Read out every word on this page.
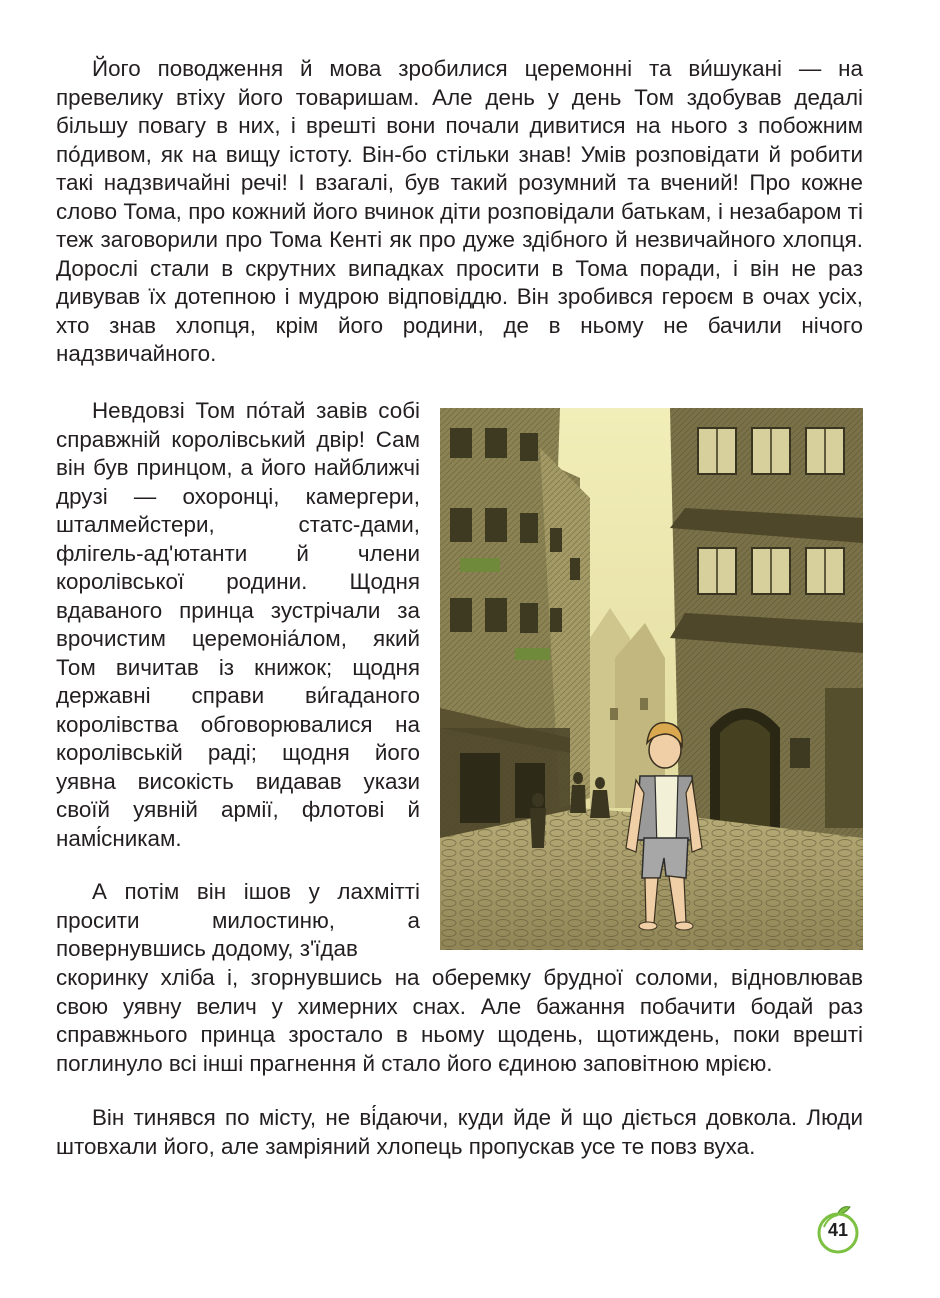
Його поводження й мова зробилися церемонні та ви́шукані — на превелику втіху його товаришам. Але день у день Том здобував дедалі більшу повагу в них, і врешті вони почали дивитися на нього з побожним по́дивом, як на вищу істоту. Він-бо стільки знав! Умів розповідати й робити такі надзвичайні речі! І взагалі, був такий розумний та вчений! Про кожне слово Тома, про кожний його вчинок діти розповідали батькам, і незабаром ті теж заговорили про Тома Кенті як про дуже здібного й незвичайного хлопця. Дорослі стали в скрутних випадках просити в Тома поради, і він не раз дивував їх дотепною і мудрою відповіддю. Він зробився героєм в очах усіх, хто знав хлопця, крім його родини, де в ньому не бачили нічого надзвичайного.

Невдовзі Том по́тай завів собі справжній королівський двір! Сам він був принцом, а його найближчі друзі — охоронці, камергери, шталмейстери, статс-дами, флігель-ад'ютанти й члени королівської родини. Щодня вдаваного принца зустрічали за врочистим церемонiа́лом, який Том вичитав із книжок; щодня державні справи ви́гаданого королівства обговорювалися на королівській раді; щодня його уявна високість видавав укази своїй уявній армії, флотові й намі́сникам.

А потім він ішов у лахмітті просити милостиню, а повернувшись додому, з'їдав

скоринку хліба і, згорнувшись на оберемку брудної соломи, відновлював свою уявну велич у химерних снах. Але бажання побачити бодай раз справжнього принца зростало в ньому щодень, щотиждень, поки врешті поглинуло всі інші прагнення й стало його єдиною заповітною мрією.

Він тинявся по місту, не ві́даючи, куди йде й що діється довкола. Люди штовхали його, але замріяний хлопець пропускав усе те повз вуха.

41
